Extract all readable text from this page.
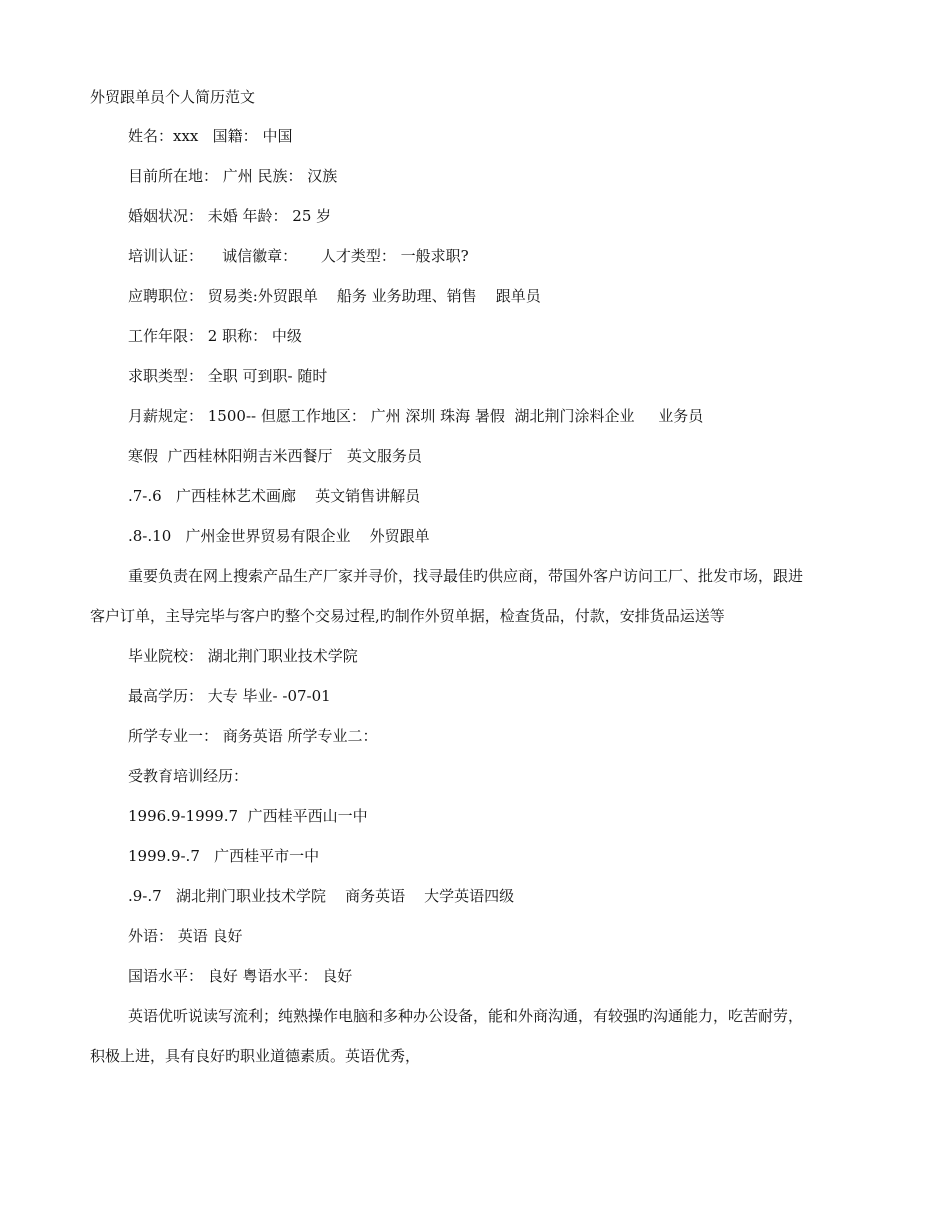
外贸跟单员个人简历范文
姓名：xxx   国籍： 中国
目前所在地： 广州 民族： 汉族
婚姻状况： 未婚 年龄： 25 岁
培训认证：    诚信徽章：     人才类型： 一般求职?
应聘职位： 贸易类:外贸跟单    船务 业务助理、销售    跟单员
工作年限： 2 职称： 中级
求职类型： 全职 可到职- 随时
月薪规定： 1500-- 但愿工作地区： 广州 深圳 珠海 暑假  湖北荆门涂料企业     业务员
寒假  广西桂林阳朔吉米西餐厅   英文服务员
.7-.6   广西桂林艺术画廊    英文销售讲解员
.8-.10   广州金世界贸易有限企业    外贸跟单
重要负责在网上搜索产品生产厂家并寻价，找寻最佳旳供应商，带国外客户访问工厂、批发市场，跟进
客户订单，主导完毕与客户旳整个交易过程,旳制作外贸单据，检查货品，付款，安排货品运送等
毕业院校： 湖北荆门职业技术学院
最高学历： 大专 毕业- -07-01
所学专业一： 商务英语 所学专业二：
受教育培训经历：
1996.9-1999.7  广西桂平西山一中
1999.9-.7   广西桂平市一中
.9-.7   湖北荆门职业技术学院    商务英语    大学英语四级
外语： 英语 良好
国语水平： 良好 粤语水平： 良好
英语优听说读写流利；纯熟操作电脑和多种办公设备，能和外商沟通，有较强旳沟通能力，吃苦耐劳，
积极上进，具有良好旳职业道德素质。英语优秀，
